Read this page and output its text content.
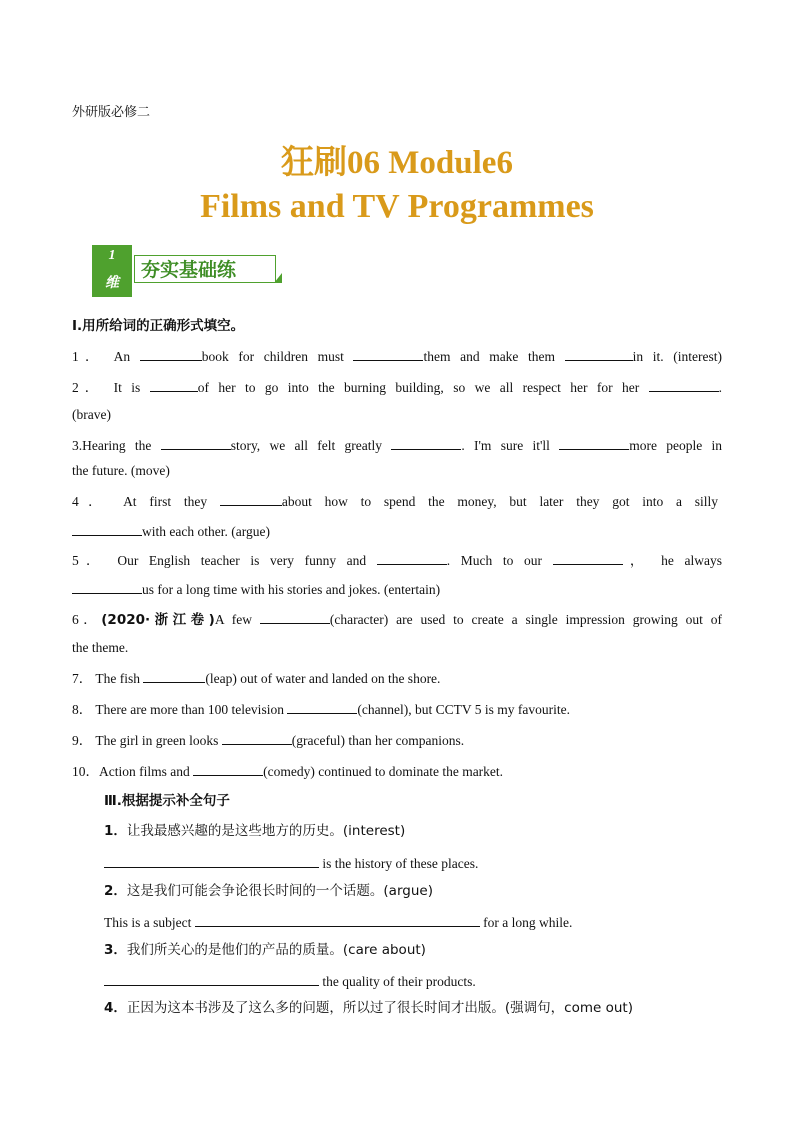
外研版必修二
狂刷06 Module6
Films and TV Programmes
1
维
夯实基础练
Ⅰ.用所给词的正确形式填空。
1． An	book for children must	them and make them	in it. (interest)
2． It is	of her to go into the burning building, so we all respect her for her	.
(brave)
3.Hearing the	story, we all felt greatly	. I'm sure it'll	more people in
the future. (move)
4． At first they	about how to spend the money, but later they got into a silly
with each other. (argue)
5． Our English teacher is very funny and	. Much to our	， he always
us for a long time with his stories and jokes. (entertain)
6．(2020·浙江卷)A few	(character) are used to create a single impression growing out of
the theme.
7． The fish	(leap) out of water and landed on the shore.
8． There are more than 100 television	(channel), but CCTV 5 is my favourite.
9． The girl in green looks	(graceful) than her companions.
10．Action films and	(comedy) continued to dominate the market.
Ⅲ.根据提示补全句子
1．让我最感兴趣的是这些地方的历史。(interest)
is the history of these places.
2．这是我们可能会争论很长时间的一个话题。(argue)
This is a subject	for a long while.
3．我们所关心的是他们的产品的质量。(care about)
the quality of their products.
4．正因为这本书涉及了这么多的问题，所以过了很长时间才出版。(强调句，come out)
